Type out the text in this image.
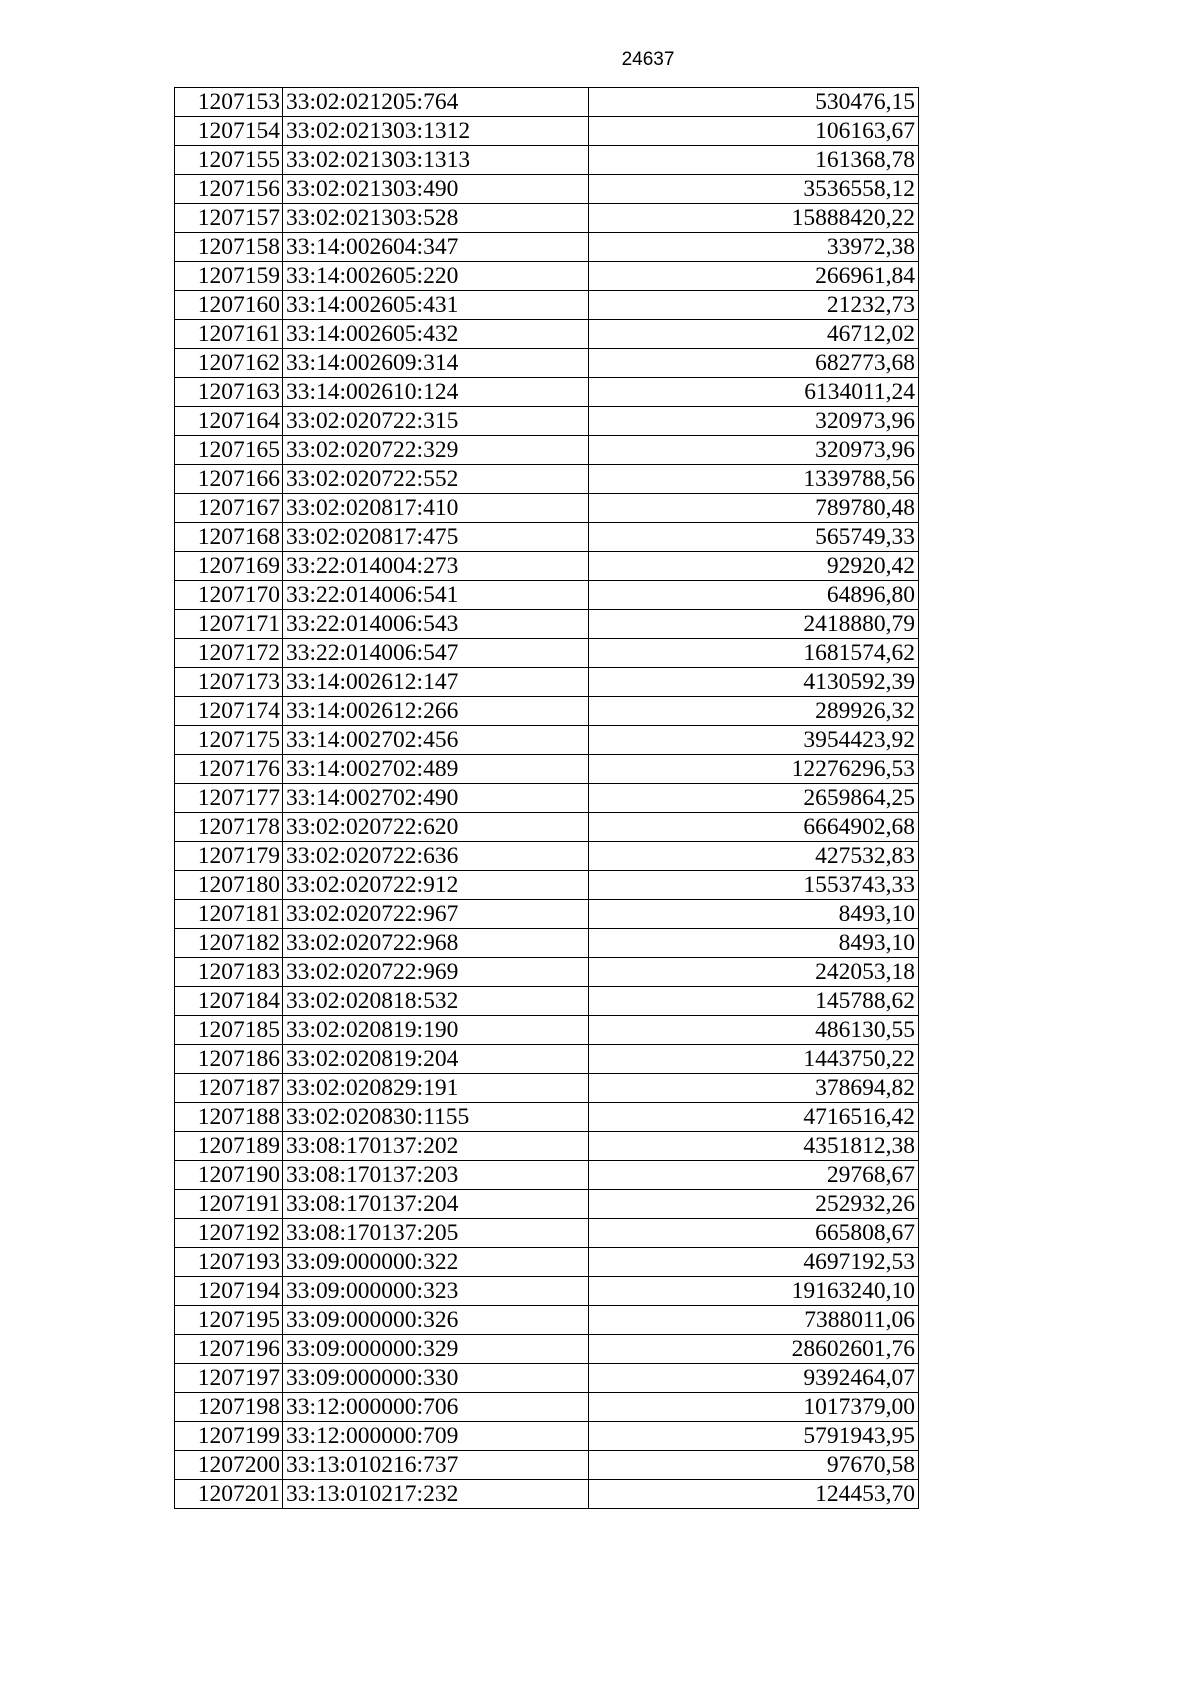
24637
1207153	33:02:021205:764	530476,15
1207154	33:02:021303:1312	106163,67
1207155	33:02:021303:1313	161368,78
1207156	33:02:021303:490	3536558,12
1207157	33:02:021303:528	15888420,22
1207158	33:14:002604:347	33972,38
1207159	33:14:002605:220	266961,84
1207160	33:14:002605:431	21232,73
1207161	33:14:002605:432	46712,02
1207162	33:14:002609:314	682773,68
1207163	33:14:002610:124	6134011,24
1207164	33:02:020722:315	320973,96
1207165	33:02:020722:329	320973,96
1207166	33:02:020722:552	1339788,56
1207167	33:02:020817:410	789780,48
1207168	33:02:020817:475	565749,33
1207169	33:22:014004:273	92920,42
1207170	33:22:014006:541	64896,80
1207171	33:22:014006:543	2418880,79
1207172	33:22:014006:547	1681574,62
1207173	33:14:002612:147	4130592,39
1207174	33:14:002612:266	289926,32
1207175	33:14:002702:456	3954423,92
1207176	33:14:002702:489	12276296,53
1207177	33:14:002702:490	2659864,25
1207178	33:02:020722:620	6664902,68
1207179	33:02:020722:636	427532,83
1207180	33:02:020722:912	1553743,33
1207181	33:02:020722:967	8493,10
1207182	33:02:020722:968	8493,10
1207183	33:02:020722:969	242053,18
1207184	33:02:020818:532	145788,62
1207185	33:02:020819:190	486130,55
1207186	33:02:020819:204	1443750,22
1207187	33:02:020829:191	378694,82
1207188	33:02:020830:1155	4716516,42
1207189	33:08:170137:202	4351812,38
1207190	33:08:170137:203	29768,67
1207191	33:08:170137:204	252932,26
1207192	33:08:170137:205	665808,67
1207193	33:09:000000:322	4697192,53
1207194	33:09:000000:323	19163240,10
1207195	33:09:000000:326	7388011,06
1207196	33:09:000000:329	28602601,76
1207197	33:09:000000:330	9392464,07
1207198	33:12:000000:706	1017379,00
1207199	33:12:000000:709	5791943,95
1207200	33:13:010216:737	97670,58
1207201	33:13:010217:232	124453,70
